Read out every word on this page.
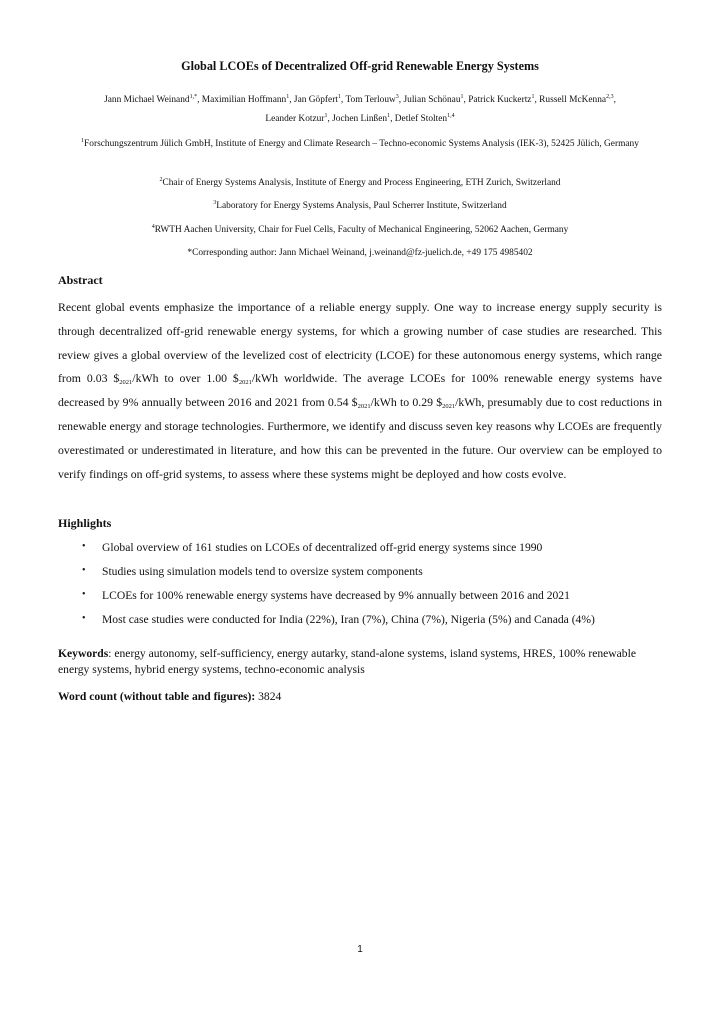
Global LCOEs of Decentralized Off-grid Renewable Energy Systems
Jann Michael Weinand$^{1,*}$, Maximilian Hoffmann$^1$, Jan Göpfert$^1$, Tom Terlouw$^3$, Julian Schönau$^1$, Patrick Kuckertz$^1$, Russell McKenna$^{2,3}$,
Leander Kotzur$^1$, Jochen Linßen$^1$, Detlef Stolten$^{1,4}$
$^1$Forschungszentrum Jülich GmbH, Institute of Energy and Climate Research – Techno-economic Systems Analysis (IEK-3), 52425 Jülich, Germany
$^2$Chair of Energy Systems Analysis, Institute of Energy and Process Engineering, ETH Zurich, Switzerland
$^3$Laboratory for Energy Systems Analysis, Paul Scherrer Institute, Switzerland
$^4$RWTH Aachen University, Chair for Fuel Cells, Faculty of Mechanical Engineering, 52062 Aachen, Germany
*Corresponding author: Jann Michael Weinand, j.weinand@fz-juelich.de, +49 175 4985402
Abstract
Recent global events emphasize the importance of a reliable energy supply. One way to increase energy supply security is through decentralized off-grid renewable energy systems, for which a growing number of case studies are researched. This review gives a global overview of the levelized cost of electricity (LCOE) for these autonomous energy systems, which range from 0.03 $\$_{2021}$/kWh to over 1.00 $\$_{2021}$/kWh worldwide. The average LCOEs for 100% renewable energy systems have decreased by 9% annually between 2016 and 2021 from 0.54 $\$_{2021}$/kWh to 0.29 $\$_{2021}$/kWh, presumably due to cost reductions in renewable energy and storage technologies. Furthermore, we identify and discuss seven key reasons why LCOEs are frequently overestimated or underestimated in literature, and how this can be prevented in the future. Our overview can be employed to verify findings on off-grid systems, to assess where these systems might be deployed and how costs evolve.
Highlights
• Global overview of 161 studies on LCOEs of decentralized off-grid energy systems since 1990
• Studies using simulation models tend to oversize system components
• LCOEs for 100% renewable energy systems have decreased by 9% annually between 2016 and 2021
• Most case studies were conducted for India (22%), Iran (7%), China (7%), Nigeria (5%) and Canada (4%)
Keywords: energy autonomy, self-sufficiency, energy autarky, stand-alone systems, island systems, HRES, 100% renewable energy systems, hybrid energy systems, techno-economic analysis
Word count (without table and figures): 3824
1
